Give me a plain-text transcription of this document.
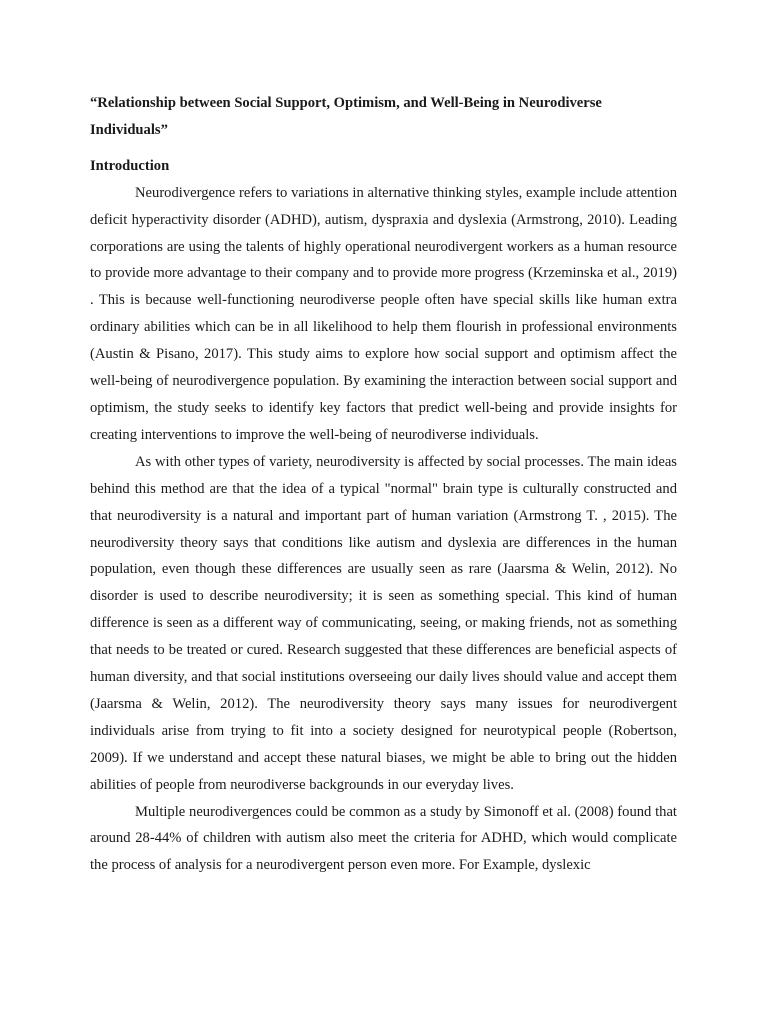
“Relationship between Social Support, Optimism, and Well-Being in Neurodiverse Individuals”

Introduction

Neurodivergence refers to variations in alternative thinking styles, example include attention deficit hyperactivity disorder (ADHD), autism, dyspraxia and dyslexia (Armstrong, 2010). Leading corporations are using the talents of highly operational neurodivergent workers as a human resource to provide more advantage to their company and to provide more progress (Krzeminska et al., 2019) . This is because well-functioning neurodiverse people often have special skills like human extra ordinary abilities which can be in all likelihood to help them flourish in professional environments (Austin & Pisano, 2017). This study aims to explore how social support and optimism affect the well-being of neurodivergence population. By examining the interaction between social support and optimism, the study seeks to identify key factors that predict well-being and provide insights for creating interventions to improve the well-being of neurodiverse individuals.

As with other types of variety, neurodiversity is affected by social processes. The main ideas behind this method are that the idea of a typical "normal" brain type is culturally constructed and that neurodiversity is a natural and important part of human variation (Armstrong T. , 2015). The neurodiversity theory says that conditions like autism and dyslexia are differences in the human population, even though these differences are usually seen as rare (Jaarsma & Welin, 2012). No disorder is used to describe neurodiversity; it is seen as something special. This kind of human difference is seen as a different way of communicating, seeing, or making friends, not as something that needs to be treated or cured. Research suggested that these differences are beneficial aspects of human diversity, and that social institutions overseeing our daily lives should value and accept them (Jaarsma & Welin, 2012). The neurodiversity theory says many issues for neurodivergent individuals arise from trying to fit into a society designed for neurotypical people (Robertson, 2009). If we understand and accept these natural biases, we might be able to bring out the hidden abilities of people from neurodiverse backgrounds in our everyday lives.

Multiple neurodivergences could be common as a study by Simonoff et al. (2008) found that around 28-44% of children with autism also meet the criteria for ADHD, which would complicate the process of analysis for a neurodivergent person even more. For Example, dyslexic
